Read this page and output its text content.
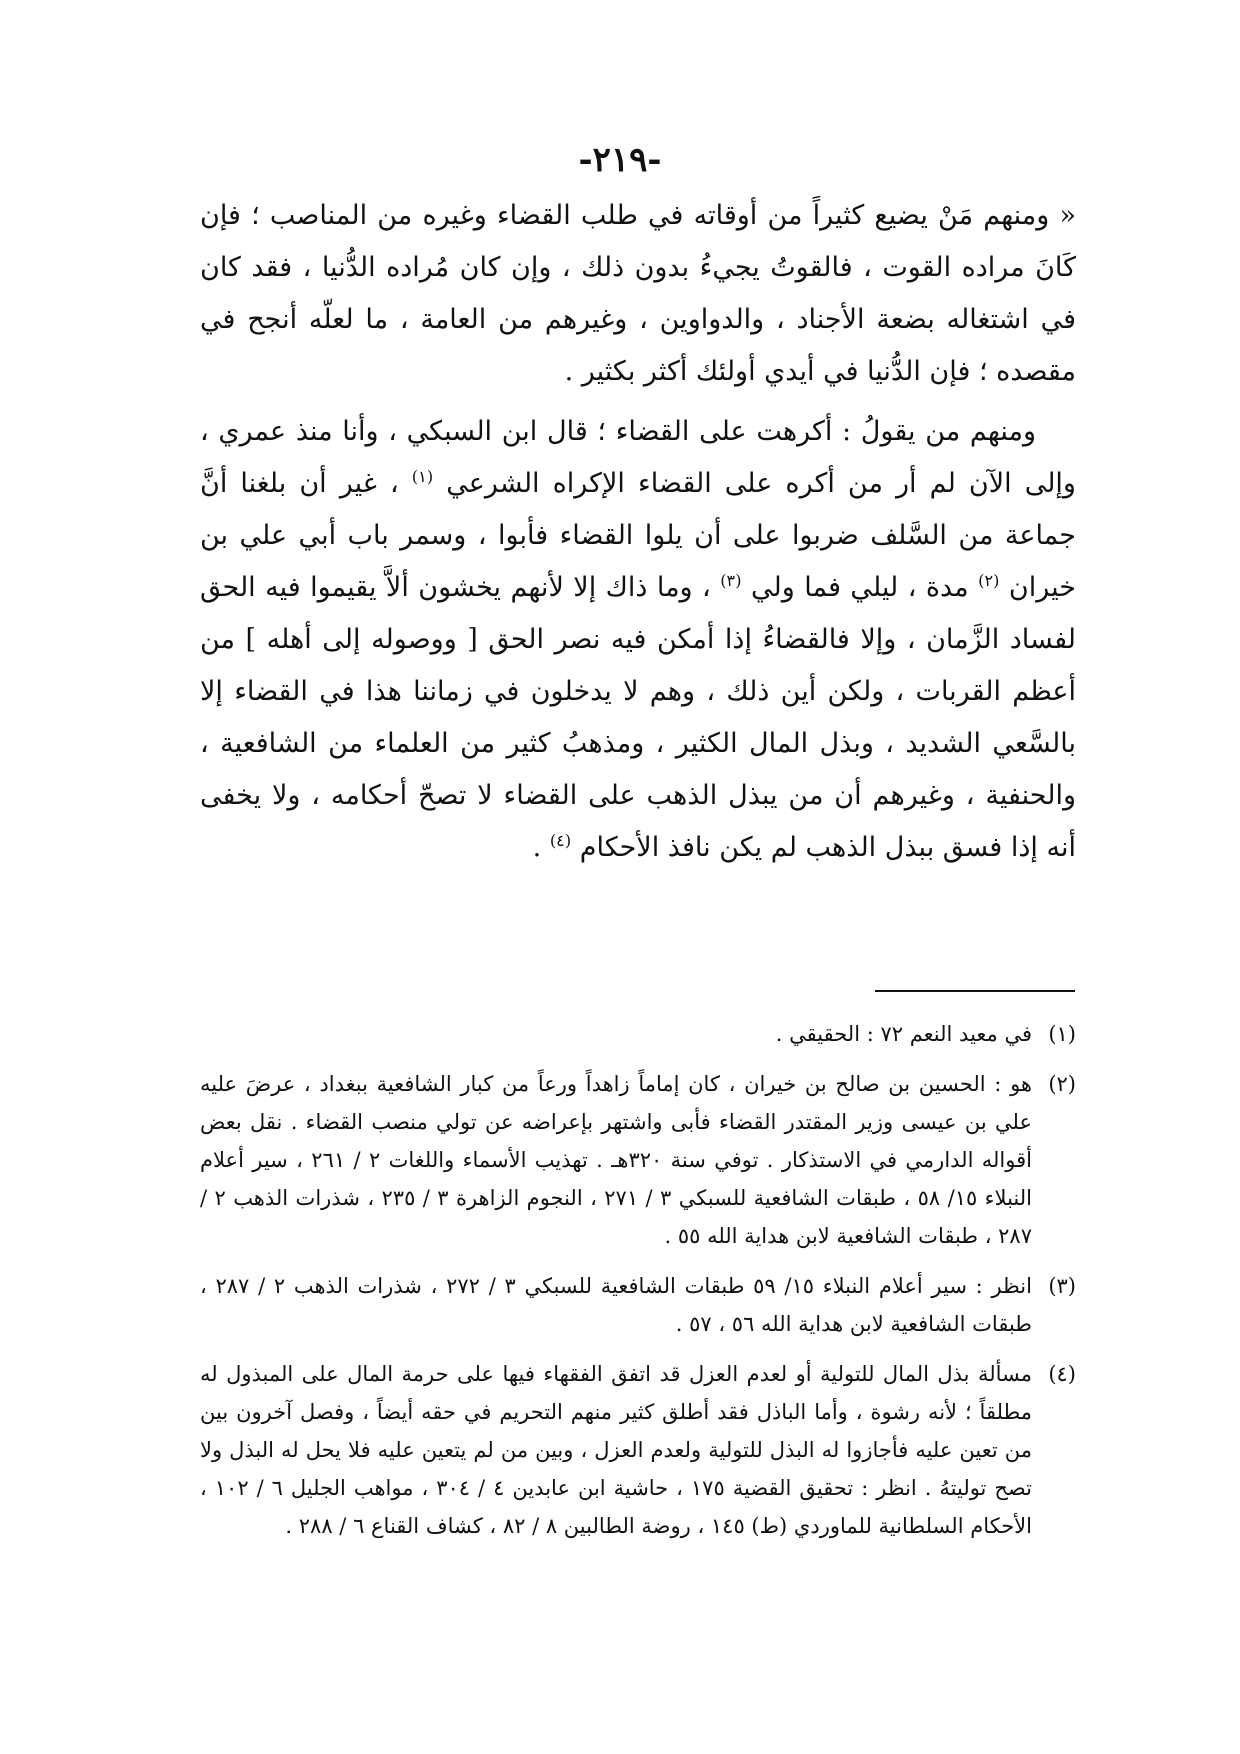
-٢١٩-

« ومنهم مَنْ يضيع كثيراً من أوقاته في طلب القضاء وغيره من المناصب ؛ فإن كَانَ مراده القوت ، فالقوتُ يجيءُ بدون ذلك ، وإن كان مُراده الدُّنيا ، فقد كان في اشتغاله بضعة الأجناد ، والدواوين ، وغيرهم من العامة ، ما لعلّه أنجح في مقصده ؛ فإن الدُّنيا في أيدي أولئك أكثر بكثير .

ومنهم من يقولُ : أكرهت على القضاء ؛ قال ابن السبكي ، وأنا منذ عمري ، وإلى الآن لم أر من أكره على القضاء الإكراه الشرعي $^{(١)}$ ، غير أن بلغنا أنَّ جماعة من السَّلف ضربوا على أن يلوا القضاء فأبوا ، وسمر باب أبي علي بن خيران $^{(٢)}$ مدة ، ليلي فما ولي $^{(٣)}$ ، وما ذاك إلا لأنهم يخشون ألاَّ يقيموا فيه الحق لفساد الزَّمان ، وإلا فالقضاءُ إذا أمكن فيه نصر الحق [ ووصوله إلى أهله ] من أعظم القربات ، ولكن أين ذلك ، وهم لا يدخلون في زماننا هذا في القضاء إلا بالسَّعي الشديد ، وبذل المال الكثير ، ومذهبُ كثير من العلماء من الشافعية ، والحنفية ، وغيرهم أن من يبذل الذهب على القضاء لا تصحّ أحكامه ، ولا يخفى أنه إذا فسق ببذل الذهب لم يكن نافذ الأحكام $^{(٤)}$ .

(١)
في معيد النعم ٧٢ : الحقيقي .

(٢)
هو : الحسين بن صالح بن خيران ، كان إماماً زاهداً ورعاً من كبار الشافعية ببغداد ، عرضَ عليه علي بن عيسى وزير المقتدر القضاء فأبى واشتهر بإعراضه عن تولي منصب القضاء . نقل بعض أقواله الدارمي في الاستذكار . توفي سنة ٣٢٠هـ . تهذيب الأسماء واللغات ٢ / ٢٦١ ، سير أعلام النبلاء ١٥/ ٥٨ ، طبقات الشافعية للسبكي ٣ / ٢٧١ ، النجوم الزاهرة ٣ / ٢٣٥ ، شذرات الذهب ٢ / ٢٨٧ ، طبقات الشافعية لابن هداية الله ٥٥ .

(٣)
انظر : سير أعلام النبلاء ١٥/ ٥٩ طبقات الشافعية للسبكي ٣ / ٢٧٢ ، شذرات الذهب ٢ / ٢٨٧ ، طبقات الشافعية لابن هداية الله ٥٦ ، ٥٧ .

(٤)
مسألة بذل المال للتولية أو لعدم العزل قد اتفق الفقهاء فيها على حرمة المال على المبذول له مطلقاً ؛ لأنه رشوة ، وأما الباذل فقد أطلق كثير منهم التحريم في حقه أيضاً ، وفصل آخرون بين من تعين عليه فأجازوا له البذل للتولية ولعدم العزل ، وبين من لم يتعين عليه فلا يحل له البذل ولا تصح توليتهُ . انظر : تحقيق القضية ١٧٥ ، حاشية ابن عابدين ٤ / ٣٠٤ ، مواهب الجليل ٦ / ١٠٢ ، الأحكام السلطانية للماوردي (ط) ١٤٥ ، روضة الطالبين ٨ / ٨٢ ، كشاف القناع ٦ / ٢٨٨ .
